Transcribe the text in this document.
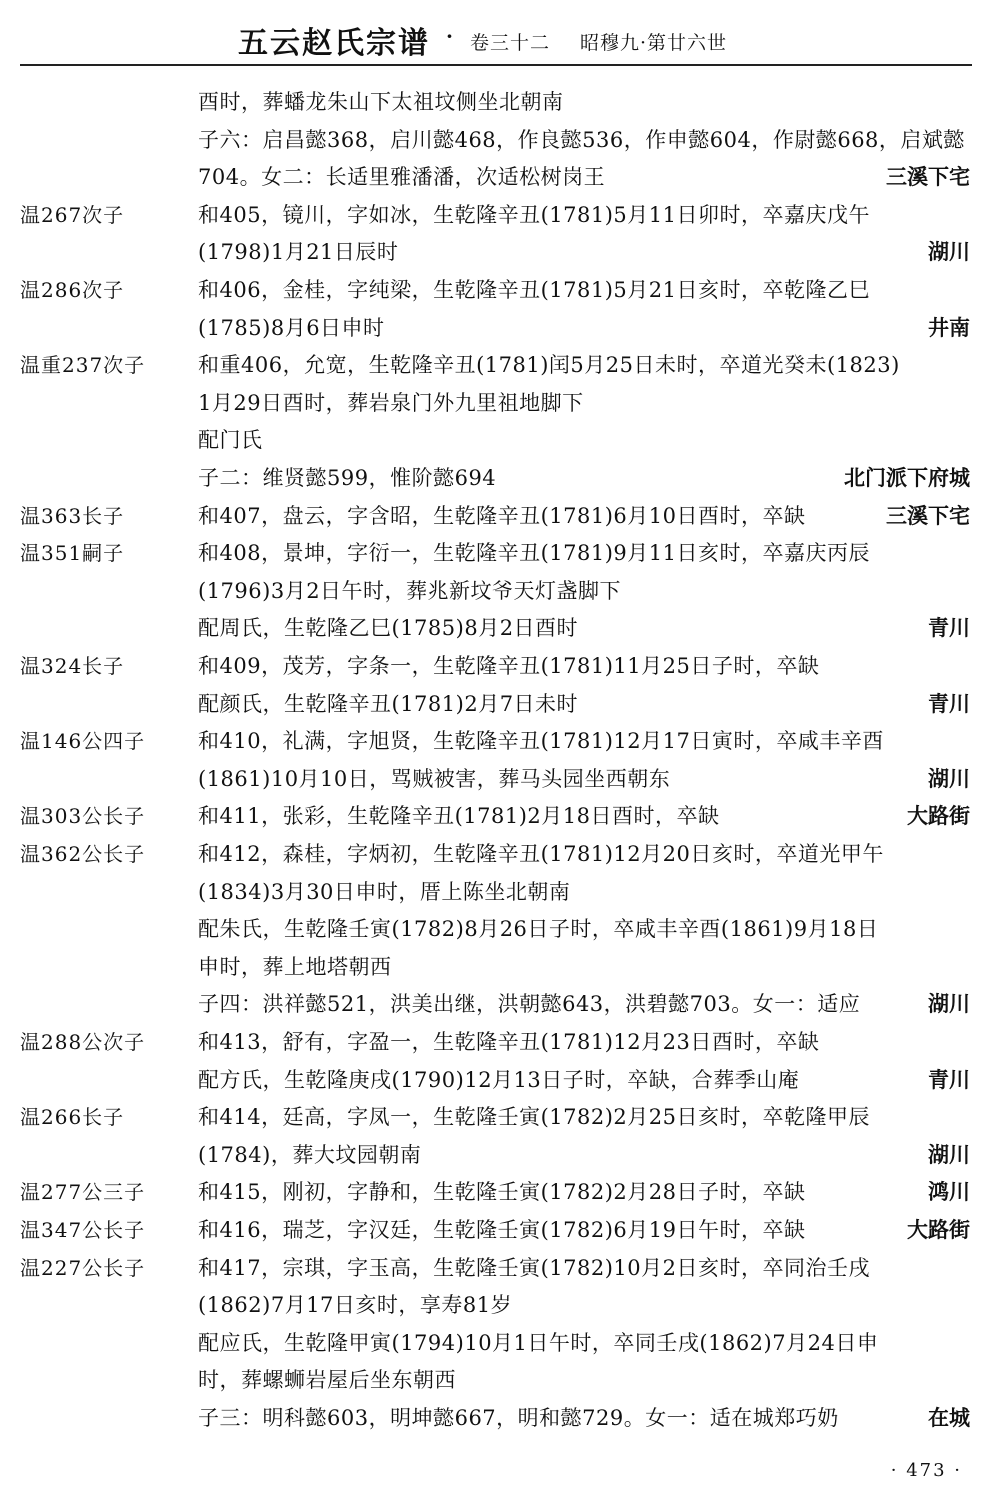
五云赵氏宗谱 · 卷三十二 昭穆九·第廿六世
酉时，葬蟠龙朱山下太祖坟侧坐北朝南
子六：启昌懿368，启川懿468，作良懿536，作申懿604，作尉懿668，启斌懿
704。女二：长适里雅潘潘，次适松树岗王	三溪下宅
温267次子	和405，镜川，字如冰，生乾隆辛丑(1781)5月11日卯时，卒嘉庆戊午
(1798)1月21日辰时	湖川
温286次子	和406，金桂，字纯梁，生乾隆辛丑(1781)5月21日亥时，卒乾隆乙巳
(1785)8月6日申时	井南
温重237次子	和重406，允宽，生乾隆辛丑(1781)闰5月25日未时，卒道光癸未(1823)
1月29日酉时，葬岩泉门外九里祖地脚下
配门氏
子二：维贤懿599，惟阶懿694	北门派下府城
温363长子	和407，盘云，字含昭，生乾隆辛丑(1781)6月10日酉时，卒缺	三溪下宅
温351嗣子	和408，景坤，字衍一，生乾隆辛丑(1781)9月11日亥时，卒嘉庆丙辰
(1796)3月2日午时，葬兆新坟爷天灯盏脚下
配周氏，生乾隆乙巳(1785)8月2日酉时	青川
温324长子	和409，茂芳，字条一，生乾隆辛丑(1781)11月25日子时，卒缺
配颜氏，生乾隆辛丑(1781)2月7日未时	青川
温146公四子	和410，礼满，字旭贤，生乾隆辛丑(1781)12月17日寅时，卒咸丰辛酉
(1861)10月10日，骂贼被害，葬马头园坐西朝东	湖川
温303公长子	和411，张彩，生乾隆辛丑(1781)2月18日酉时，卒缺	大路街
温362公长子	和412，森桂，字炳初，生乾隆辛丑(1781)12月20日亥时，卒道光甲午
(1834)3月30日申时，厝上陈坐北朝南
配朱氏，生乾隆壬寅(1782)8月26日子时，卒咸丰辛酉(1861)9月18日
申时，葬上地塔朝西
子四：洪祥懿521，洪美出继，洪朝懿643，洪碧懿703。女一：适应	湖川
温288公次子	和413，舒有，字盈一，生乾隆辛丑(1781)12月23日酉时，卒缺
配方氏，生乾隆庚戌(1790)12月13日子时，卒缺，合葬季山庵	青川
温266长子	和414，廷高，字凤一，生乾隆壬寅(1782)2月25日亥时，卒乾隆甲辰
(1784)，葬大坟园朝南	湖川
温277公三子	和415，刚初，字静和，生乾隆壬寅(1782)2月28日子时，卒缺	鸿川
温347公长子	和416，瑞芝，字汉廷，生乾隆壬寅(1782)6月19日午时，卒缺	大路街
温227公长子	和417，宗琪，字玉高，生乾隆壬寅(1782)10月2日亥时，卒同治壬戌
(1862)7月17日亥时，享寿81岁
配应氏，生乾隆甲寅(1794)10月1日午时，卒同壬戌(1862)7月24日申
时，葬螺蛳岩屋后坐东朝西
子三：明科懿603，明坤懿667，明和懿729。女一：适在城郑巧奶	在城
· 473 ·
